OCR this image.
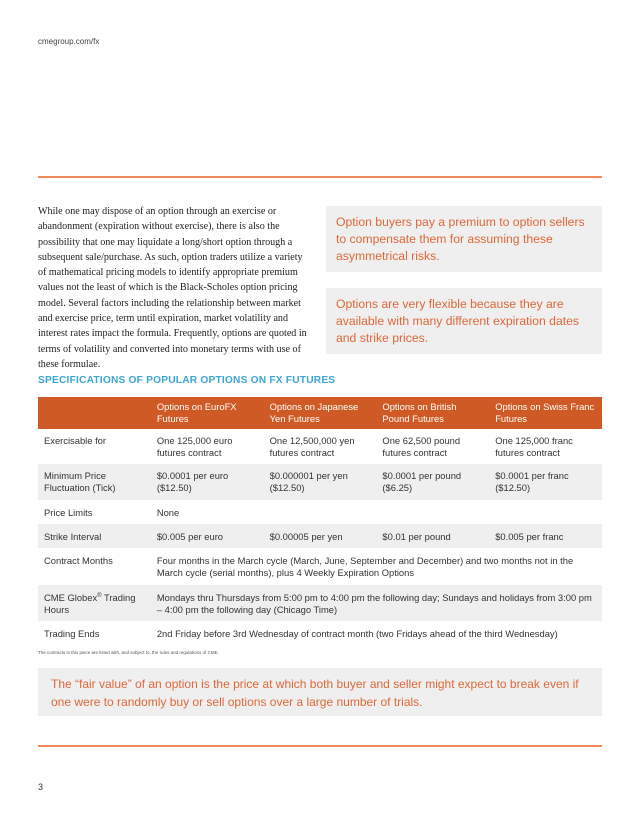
cmegroup.com/fx
While one may dispose of an option through an exercise or abandonment (expiration without exercise), there is also the possibility that one may liquidate a long/short option through a subsequent sale/purchase. As such, option traders utilize a variety of mathematical pricing models to identify appropriate premium values not the least of which is the Black-Scholes option pricing model. Several factors including the relationship between market and exercise price, term until expiration, market volatility and interest rates impact the formula. Frequently, options are quoted in terms of volatility and converted into monetary terms with use of these formulae.
Option buyers pay a premium to option sellers to compensate them for assuming these asymmetrical risks.
Options are very flexible because they are available with many different expiration dates and strike prices.
SPECIFICATIONS OF POPULAR OPTIONS ON FX FUTURES
	Options on EuroFX Futures	Options on Japanese Yen Futures	Options on British Pound Futures	Options on Swiss Franc Futures
Exercisable for	One 125,000 euro futures contract	One 12,500,000 yen futures contract	One 62,500 pound futures contract	One 125,000 franc futures contract
Minimum Price Fluctuation (Tick)	$0.0001 per euro ($12.50)	$0.000001 per yen ($12.50)	$0.0001 per pound ($6.25)	$0.0001 per franc ($12.50)
Price Limits	None			
Strike Interval	$0.005 per euro	$0.00005 per yen	$0.01 per pound	$0.005 per franc
Contract Months	Four months in the March cycle (March, June, September and December) and two months not in the March cycle (serial months), plus 4 Weekly Expiration Options			
CME Globex® Trading Hours	Mondays thru Thursdays from 5:00 pm to 4:00 pm the following day; Sundays and holidays from 3:00 pm – 4:00 pm the following day (Chicago Time)			
Trading Ends	2nd Friday before 3rd Wednesday of contract month (two Fridays ahead of the third Wednesday)			
The contracts in this piece are listed with, and subject to, the rules and regulations of CME.
The “fair value” of an option is the price at which both buyer and seller might expect to break even if one were to randomly buy or sell options over a large number of trials.
3
